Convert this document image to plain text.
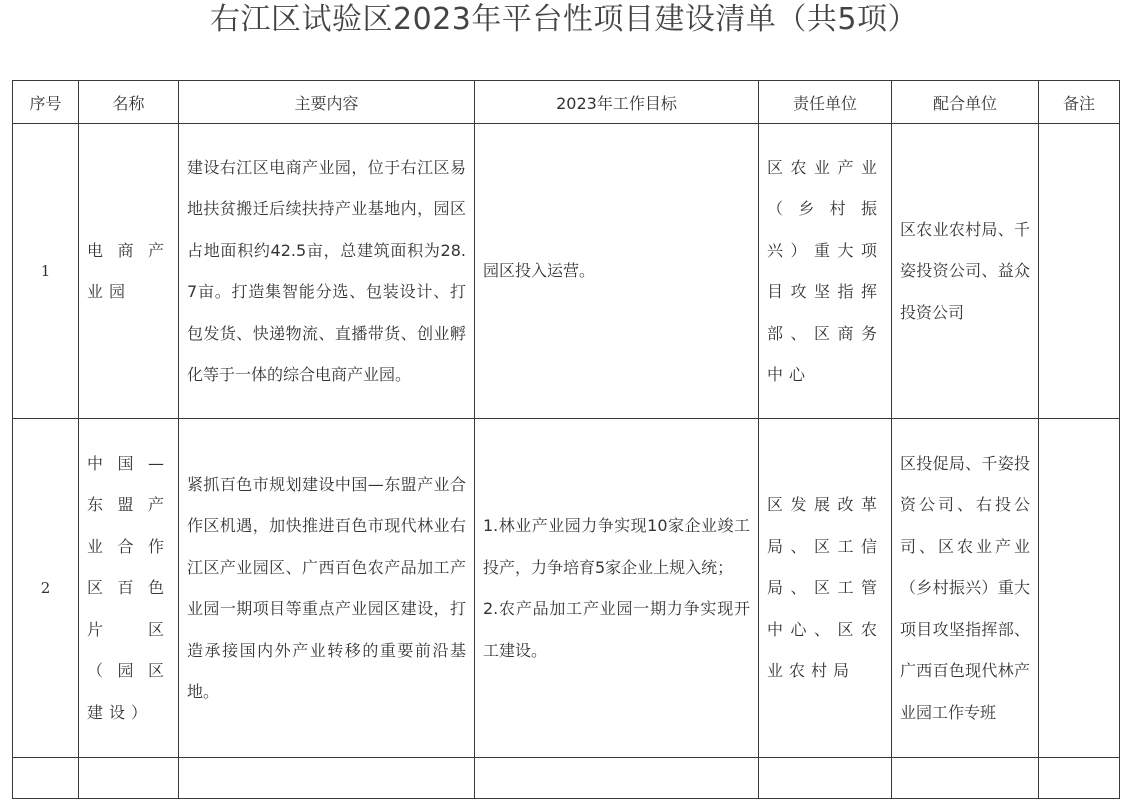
右江区试验区2023年平台性项目建设清单（共5项）
序号	名称	主要内容	2023年工作目标	责任单位	配合单位	备注
1	电商产业园	建设右江区电商产业园，位于右江区易地扶贫搬迁后续扶持产业基地内，园区占地面积约42.5亩，总建筑面积为28.7亩。打造集智能分选、包装设计、打包发货、快递物流、直播带货、创业孵化等于一体的综合电商产业园。	园区投入运营。	区农业产业（乡村振兴）重大项目攻坚指挥部、区商务中心	区农业农村局、千姿投资公司、益众投资公司	

2	中国—东盟产业合作区百色片区（园区建设）	紧抓百色市规划建设中国—东盟产业合作区机遇，加快推进百色市现代林业右江区产业园区、广西百色农产品加工产业园一期项目等重点产业园区建设，打造承接国内外产业转移的重要前沿基地。	1.林业产业园力争实现10家企业竣工投产，力争培育5家企业上规入统；
2.农产品加工产业园一期力争实现开工建设。	区发展改革局、区工信局、区工管中心、区农业农村局	区投促局、千姿投资公司、右投公司、区农业产业（乡村振兴）重大项目攻坚指挥部、广西百色现代林产业园工作专班	
